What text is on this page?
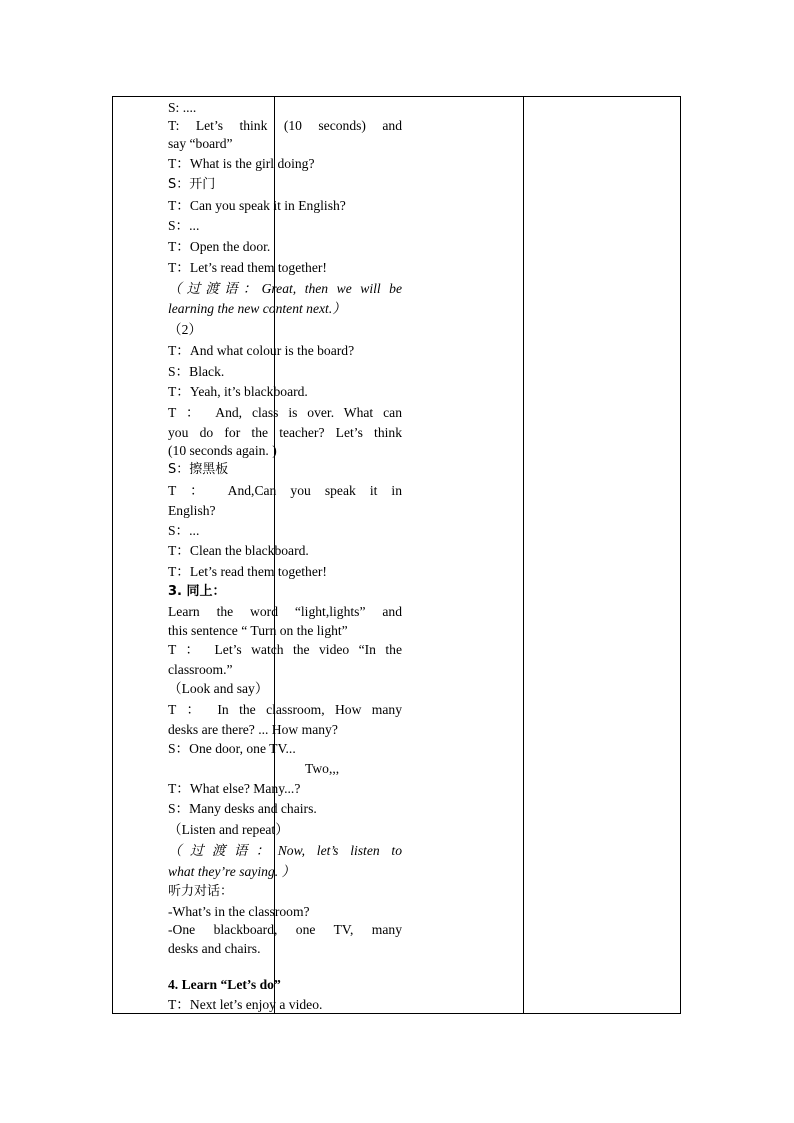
S: ....
T: Let’s think (10 seconds) and
say “board”
T：What is the girl doing?
S：开门
T：Can you speak it in English?
S：...
T：Open the door.
T：Let’s read them together!
（过渡语：Great, then we will be
learning the new content next.）
（2）
T：And what colour is the board?
S：Black.
T：Yeah, it’s blackboard.
T ： And, class is over. What can
you do for the teacher? Let’s think
(10 seconds again. )
S：擦黑板
T ： And,Can you speak it in
English?
S：...
T：Clean the blackboard.
T：Let’s read them together!
3. 同上：
Learn the word “light,lights” and
this sentence “ Turn on the light”
T ： Let’s watch the video “In the
classroom.”
（Look and say）
T ： In the classroom, How many
desks are there? ... How many?
S：One door, one TV...
Two,,,
T：What else? Many...?
S：Many desks and chairs.
（Listen and repeat）
（过渡语：Now, let’s listen to
what they’re saying. ）
听力对话：
-What’s in the classroom?
-One blackboard, one TV, many
desks and chairs.
4. Learn “Let’s do”
T：Next let’s enjoy a video.
